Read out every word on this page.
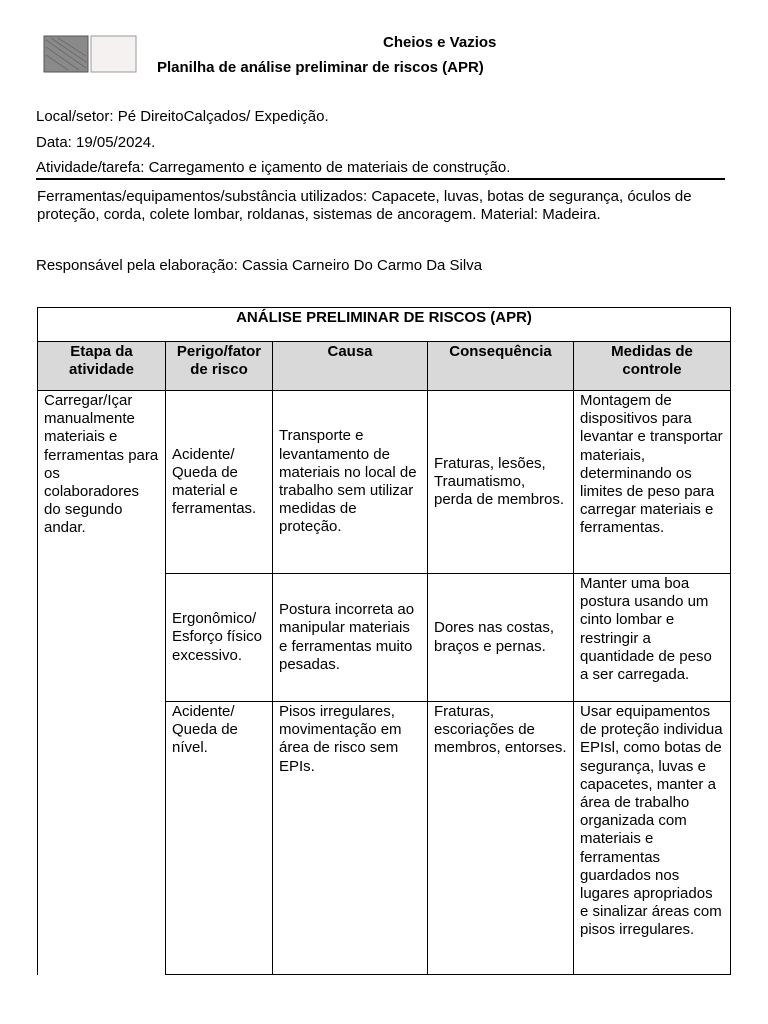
Cheios e Vazios
Planilha de análise preliminar de riscos (APR)
Local/setor: Pé DireitoCalçados/ Expedição.
Data: 19/05/2024.
Atividade/tarefa: Carregamento e içamento de materiais de construção.
Ferramentas/equipamentos/substância utilizados: Capacete, luvas, botas de segurança, óculos de proteção, corda, colete lombar, roldanas, sistemas de ancoragem. Material: Madeira.
Responsável pela elaboração: Cassia Carneiro Do Carmo Da Silva
ANÁLISE PRELIMINAR DE RISCOS (APR)				
Etapa da atividade	Perigo/fator de risco	Causa	Consequência	Medidas de controle
Carregar/Içar manualmente materiais e ferramentas para os colaboradores do segundo andar.	Acidente/ Queda de material e ferramentas.	Transporte e levantamento de materiais no local de trabalho sem utilizar medidas de proteção.	Fraturas, lesões, Traumatismo, perda de membros.	Montagem de dispositivos para levantar e transportar materiais, determinando os limites de peso para carregar materiais e ferramentas.
	Ergonômico/ Esforço físico excessivo.	Postura incorreta ao manipular materiais e ferramentas muito pesadas.	Dores nas costas, braços e pernas.	Manter uma boa postura usando um cinto lombar e restringir a quantidade de peso a ser carregada.
	Acidente/ Queda de nível.	Pisos irregulares, movimentação em área de risco sem EPIs.	Fraturas, escoriações de membros, entorses.	Usar equipamentos de proteção individua EPIsl, como botas de segurança, luvas e capacetes, manter a área de trabalho organizada com materiais e ferramentas guardados nos lugares apropriados e sinalizar áreas com pisos irregulares.
